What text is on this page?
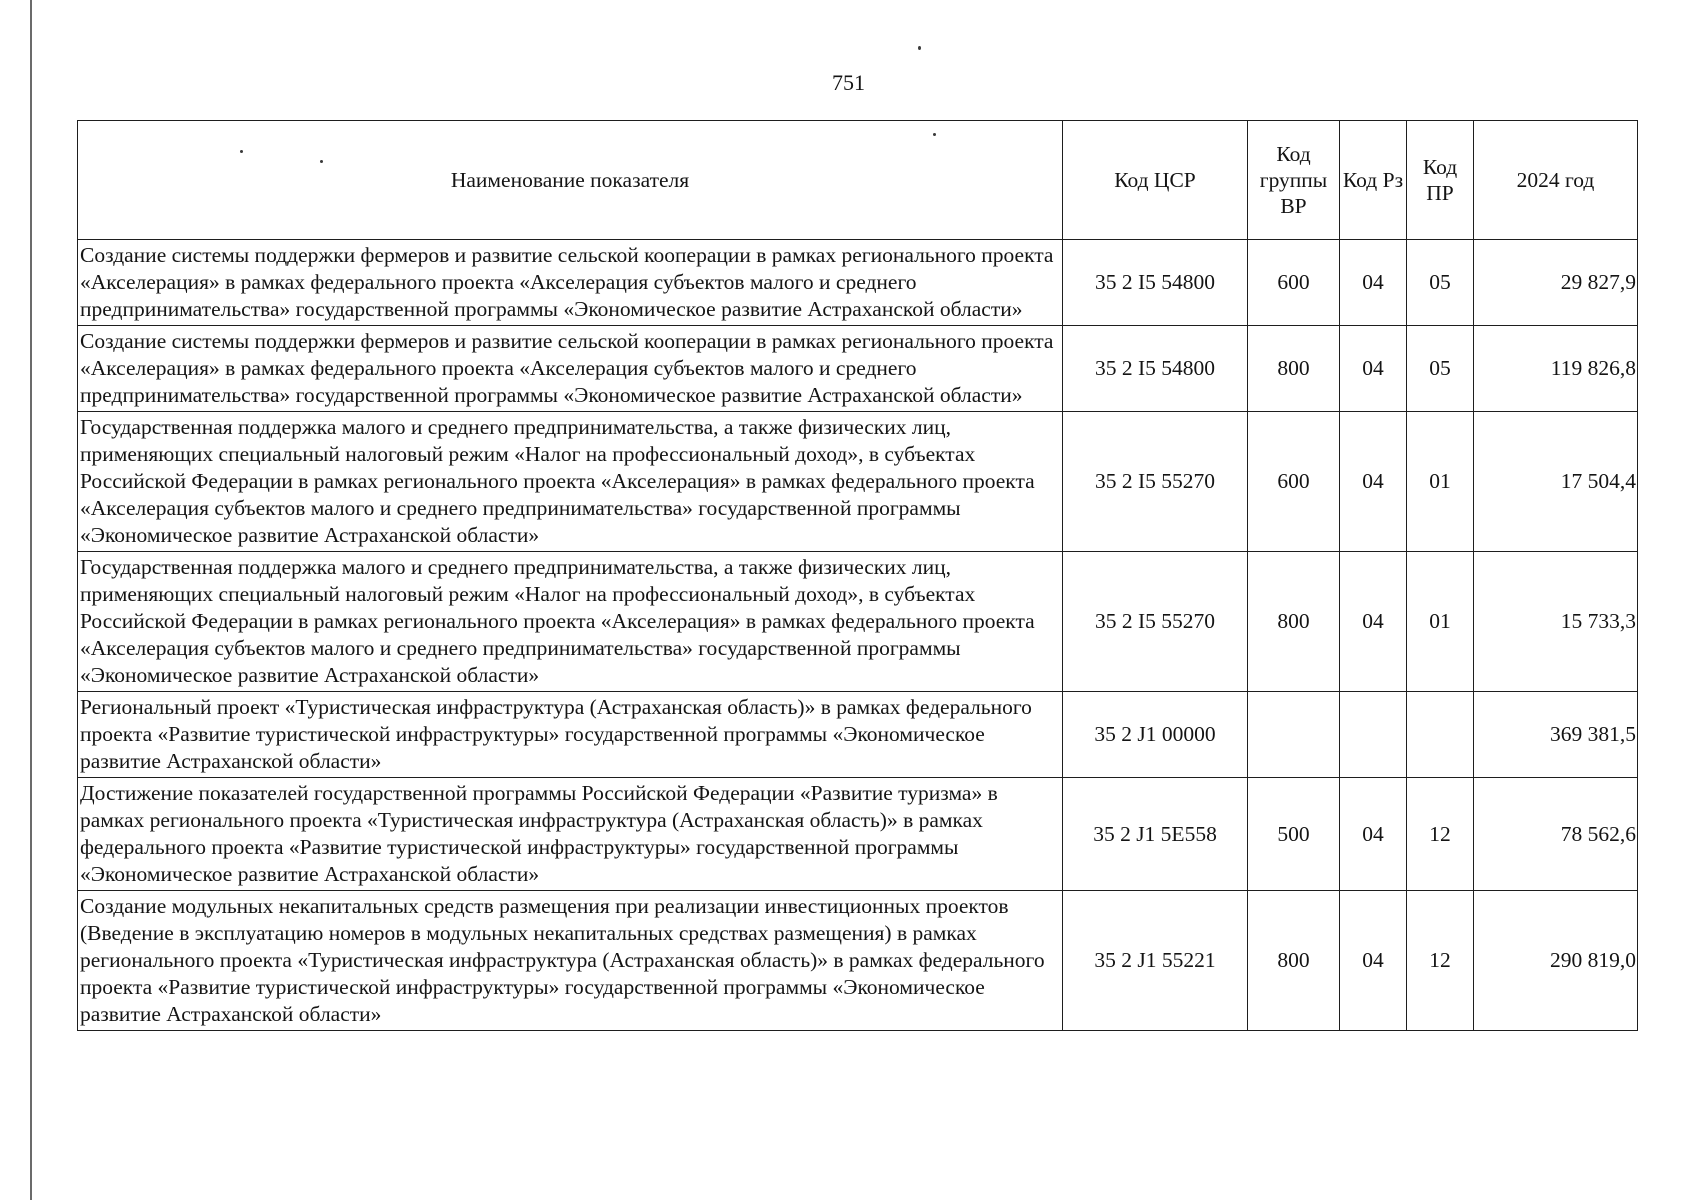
751
Наименование показателя	Код ЦСР	Код группы ВР	Код Рз	Код ПР	2024 год
Создание системы поддержки фермеров и развитие сельской кооперации в рамках регионального проекта «Акселерация» в рамках федерального проекта «Акселерация субъектов малого и среднего предпринимательства» государственной программы «Экономическое развитие Астраханской области»	35 2 I5 54800	600	04	05	29 827,9
Создание системы поддержки фермеров и развитие сельской кооперации в рамках регионального проекта «Акселерация» в рамках федерального проекта «Акселерация субъектов малого и среднего предпринимательства» государственной программы «Экономическое развитие Астраханской области»	35 2 I5 54800	800	04	05	119 826,8
Государственная поддержка малого и среднего предпринимательства, а также физических лиц, применяющих специальный налоговый режим «Налог на профессиональный доход», в субъектах Российской Федерации в рамках регионального проекта «Акселерация» в рамках федерального проекта «Акселерация субъектов малого и среднего предпринимательства» государственной программы «Экономическое развитие Астраханской области»	35 2 I5 55270	600	04	01	17 504,4
Государственная поддержка малого и среднего предпринимательства, а также физических лиц, применяющих специальный налоговый режим «Налог на профессиональный доход», в субъектах Российской Федерации в рамках регионального проекта «Акселерация» в рамках федерального проекта «Акселерация субъектов малого и среднего предпринимательства» государственной программы «Экономическое развитие Астраханской области»	35 2 I5 55270	800	04	01	15 733,3
Региональный проект «Туристическая инфраструктура (Астраханская область)» в рамках федерального проекта «Развитие туристической инфраструктуры» государственной программы «Экономическое развитие Астраханской области»	35 2 J1 00000				369 381,5
Достижение показателей государственной программы Российской Федерации «Развитие туризма» в рамках регионального проекта «Туристическая инфраструктура (Астраханская область)» в рамках федерального проекта «Развитие туристической инфраструктуры» государственной программы «Экономическое развитие Астраханской области»	35 2 J1 5E558	500	04	12	78 562,6
Создание модульных некапитальных средств размещения при реализации инвестиционных проектов (Введение в эксплуатацию номеров в модульных некапитальных средствах размещения) в рамках регионального проекта «Туристическая инфраструктура (Астраханская область)» в рамках федерального проекта «Развитие туристической инфраструктуры» государственной программы «Экономическое развитие Астраханской области»	35 2 J1 55221	800	04	12	290 819,0
